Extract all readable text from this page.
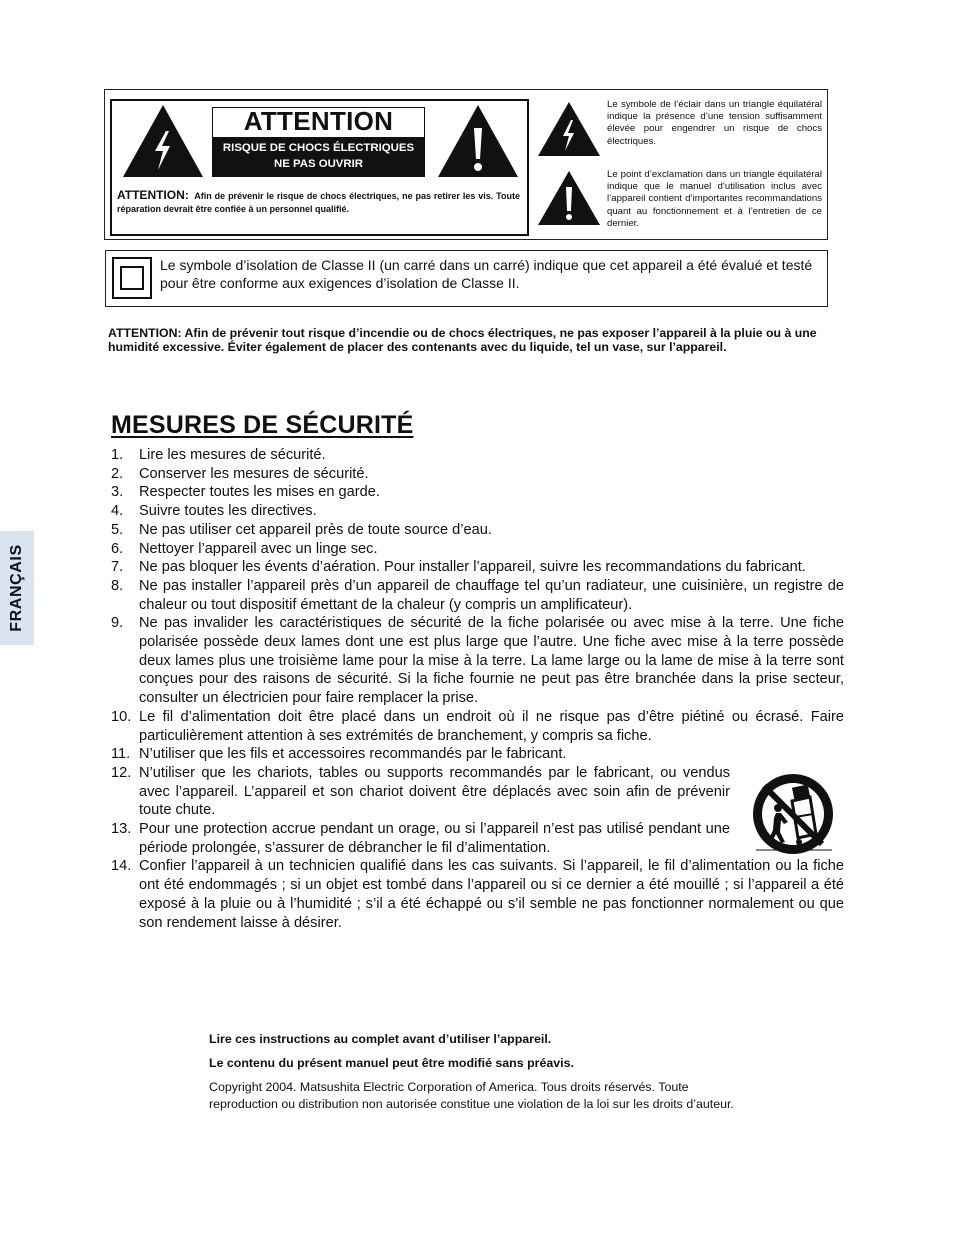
ATTENTION
RISQUE DE CHOCS ÉLECTRIQUES
NE PAS OUVRIR
ATTENTION: Afin de prévenir le risque de chocs électriques, ne pas retirer les vis. Toute réparation devrait être confiée à un personnel qualifié.
Le symbole de l’éclair dans un triangle équilatéral indique la présence d’une tension suffisamment élevée pour engendrer un risque de chocs électriques.
Le point d’exclamation dans un triangle équilatéral indique que le manuel d’utilisation inclus avec l’appareil contient d’importantes recommandations quant au fonctionnement et à l’entretien de ce dernier.
Le symbole d’isolation de Classe II (un carré dans un carré) indique que cet appareil a été évalué et testé pour être conforme aux exigences d’isolation de Classe II.
ATTENTION: Afin de prévenir tout risque d’incendie ou de chocs électriques, ne pas exposer l’appareil à la pluie ou à une humidité excessive. Éviter également de placer des contenants avec du liquide, tel un vase, sur l’appareil.
MESURES DE SÉCURITÉ
1.	Lire les mesures de sécurité.
2.	Conserver les mesures de sécurité.
3.	Respecter toutes les mises en garde.
4.	Suivre toutes les directives.
5.	Ne pas utiliser cet appareil près de toute source d’eau.
6.	Nettoyer l’appareil avec un linge sec.
7.	Ne pas bloquer les évents d’aération. Pour installer l’appareil, suivre les recommandations du fabricant.
8.	Ne pas installer l’appareil près d’un appareil de chauffage tel qu’un radiateur, une cuisinière, un registre de chaleur ou tout dispositif émettant de la chaleur (y compris un amplificateur).
9.	Ne pas invalider les caractéristiques de sécurité de la fiche polarisée ou avec mise à la terre. Une fiche polarisée possède deux lames dont une est plus large que l’autre. Une fiche avec mise à la terre possède deux lames plus une troisième lame pour la mise à la terre. La lame large ou la lame de mise à la terre sont conçues pour des raisons de sécurité. Si la fiche fournie ne peut pas être branchée dans la prise secteur, consulter un électricien pour faire remplacer la prise.
10. Le fil d’alimentation doit être placé dans un endroit où il ne risque pas d’être piétiné ou écrasé. Faire particulièrement attention à ses extrémités de branchement, y compris sa fiche.
11. N’utiliser que les fils et accessoires recommandés par le fabricant.
12. N’utiliser que les chariots, tables ou supports recommandés par le fabricant, ou vendus avec l’appareil. L’appareil et son chariot doivent être déplacés avec soin afin de prévenir toute chute.
13. Pour une protection accrue pendant un orage, ou si l’appareil n’est pas utilisé pendant une période prolongée, s’assurer de débrancher le fil d’alimentation.
14. Confier l’appareil à un technicien qualifié dans les cas suivants. Si l’appareil, le fil d’alimentation ou la fiche ont été endommagés ; si un objet est tombé dans l’appareil ou si ce dernier a été mouillé ; si l’appareil a été exposé à la pluie ou à l’humidité ; s’il a été échappé ou s’il semble ne pas fonctionner normalement ou que son rendement laisse à désirer.
FRANÇAIS
Lire ces instructions au complet avant d’utiliser l’appareil.
Le contenu du présent manuel peut être modifié sans préavis.
Copyright 2004. Matsushita Electric Corporation of America. Tous droits réservés. Toute reproduction ou distribution non autorisée constitue une violation de la loi sur les droits d’auteur.
